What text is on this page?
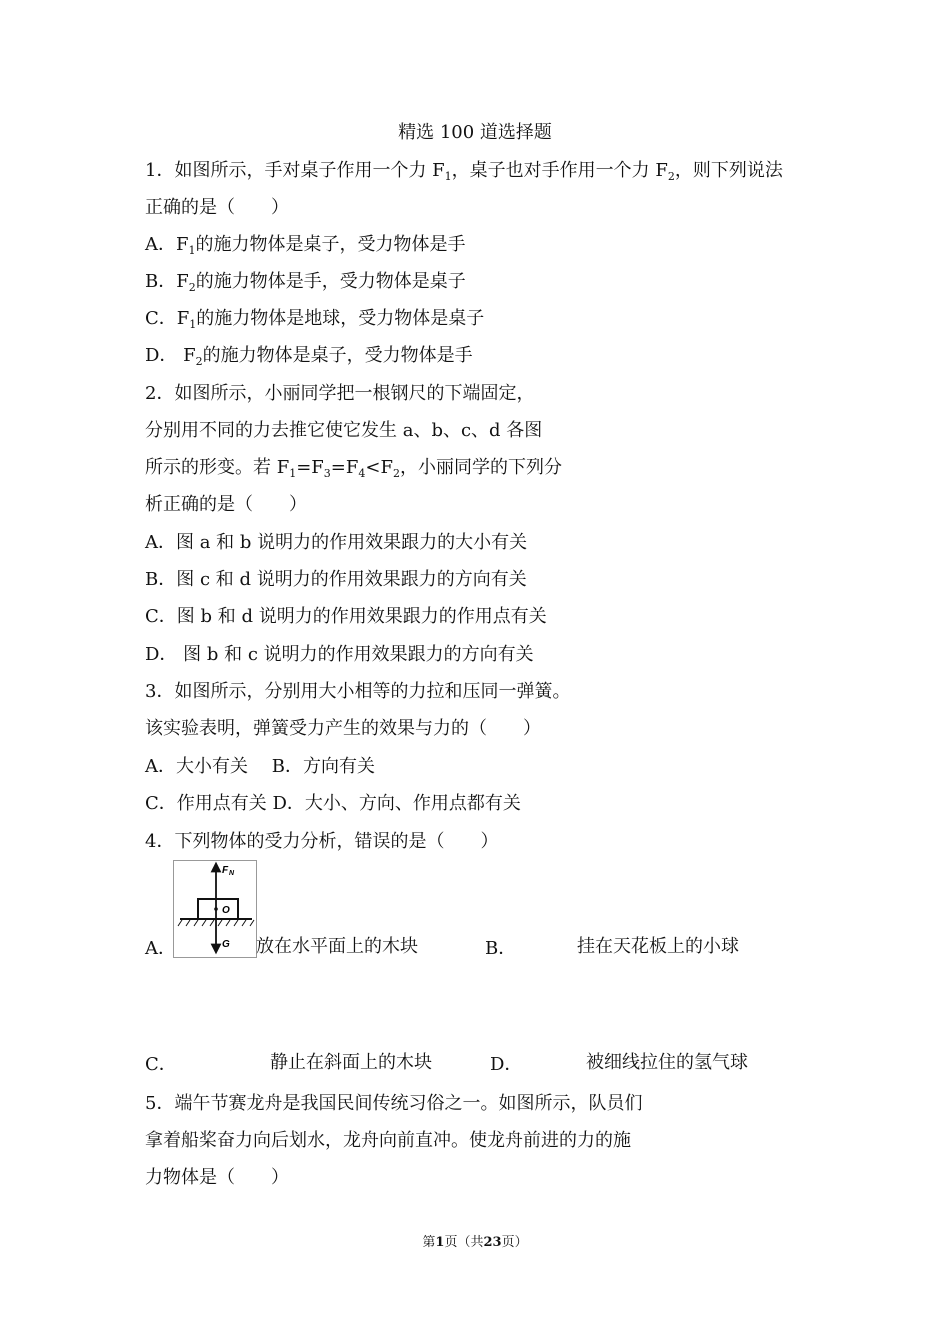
精选 100 道选择题
1．如图所示，手对桌子作用一个力 $F_1$，桌子也对手作用一个力 $F_2$，则下列说法
正确的是（　　）
A．$F_1$的施力物体是桌子，受力物体是手
B．$F_2$的施力物体是手，受力物体是桌子
C．$F_1$的施力物体是地球，受力物体是桌子
D． $F_2$的施力物体是桌子，受力物体是手
2．如图所示，小丽同学把一根钢尺的下端固定，
分别用不同的力去推它使它发生 a、b、c、d 各图
所示的形变。若 $F_1=F_3=F_4<F_2$，小丽同学的下列分
析正确的是（　　）
A．图 a 和 b 说明力的作用效果跟力的大小有关
B．图 c 和 d 说明力的作用效果跟力的方向有关
C．图 b 和 d 说明力的作用效果跟力的作用点有关
D． 图 b 和 c 说明力的作用效果跟力的方向有关
3．如图所示，分别用大小相等的力拉和压同一弹簧。
该实验表明，弹簧受力产生的效果与力的（　　）
A．大小有关　 B．方向有关
C．作用点有关 D．大小、方向、作用点都有关
4．下列物体的受力分析，错误的是（　　）
F N
O
G
A．	放在水平面上的木块	B．	挂在天花板上的小球
C．	静止在斜面上的木块	D．	被细线拉住的氢气球
5．端午节赛龙舟是我国民间传统习俗之一。如图所示，队员们
拿着船桨奋力向后划水，龙舟向前直冲。使龙舟前进的力的施
力物体是（　　）
第1页（共23页）
